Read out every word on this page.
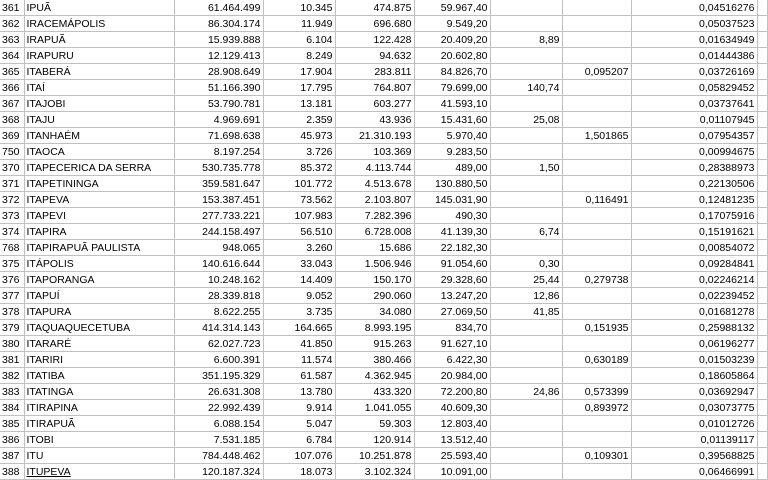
361	IPUÃ	61.464.499	10.345	474.875	59.967,40			0,04516276	
362	IRACEMÁPOLIS	86.304.174	11.949	696.680	9.549,20			0,05037523	
363	IRAPUÃ	15.939.888	6.104	122.428	20.409,20	8,89		0,01634949	
364	IRAPURU	12.129.413	8.249	94.632	20.602,80			0,01444386	
365	ITABERÁ	28.908.649	17.904	283.811	84.826,70		0,095207	0,03726169	
366	ITAÍ	51.166.390	17.795	764.807	79.699,00	140,74		0,05829452	
367	ITAJOBI	53.790.781	13.181	603.277	41.593,10			0,03737641	
368	ITAJU	4.969.691	2.359	43.936	15.431,60	25,08		0,01107945	
369	ITANHAÉM	71.698.638	45.973	21.310.193	5.970,40		1,501865	0,07954357	
750	ITAOCA	8.197.254	3.726	103.369	9.283,50			0,00994675	
370	ITAPECERICA DA SERRA	530.735.778	85.372	4.113.744	489,00	1,50		0,28388973	
371	ITAPETININGA	359.581.647	101.772	4.513.678	130.880,50			0,22130506	
372	ITAPEVA	153.387.451	73.562	2.103.807	145.031,90		0,116491	0,12481235	
373	ITAPEVI	277.733.221	107.983	7.282.396	490,30			0,17075916	
374	ITAPIRA	244.158.497	56.510	6.728.008	41.139,30	6,74		0,15191621	
768	ITAPIRAPUÃ PAULISTA	948.065	3.260	15.686	22.182,30			0,00854072	
375	ITÁPOLIS	140.616.644	33.043	1.506.946	91.054,60	0,30		0,09284841	
376	ITAPORANGA	10.248.162	14.409	150.170	29.328,60	25,44	0,279738	0,02246214	
377	ITAPUÍ	28.339.818	9.052	290.060	13.247,20	12,86		0,02239452	
378	ITAPURA	8.622.255	3.735	34.080	27.069,50	41,85		0,01681278	
379	ITAQUAQUECETUBA	414.314.143	164.665	8.993.195	834,70		0,151935	0,25988132	
380	ITARARÉ	62.027.723	41.850	915.263	91.627,10			0,06196277	
381	ITARIRI	6.600.391	11.574	380.466	6.422,30		0,630189	0,01503239	
382	ITATIBA	351.195.329	61.587	4.362.945	20.984,00			0,18605864	
383	ITATINGA	26.631.308	13.780	433.320	72.200,80	24,86	0,573399	0,03692947	
384	ITIRAPINA	22.992.439	9.914	1.041.055	40.609,30		0,893972	0,03073775	
385	ITIRAPUÃ	6.088.154	5.047	59.303	12.803,40			0,01012726	
386	ITOBI	7.531.185	6.784	120.914	13.512,40			0,01139117	
387	ITU	784.448.462	107.076	10.251.878	25.593,40		0,109301	0,39568825	
388	ITUPEVA	120.187.324	18.073	3.102.324	10.091,00			0,06466991	
